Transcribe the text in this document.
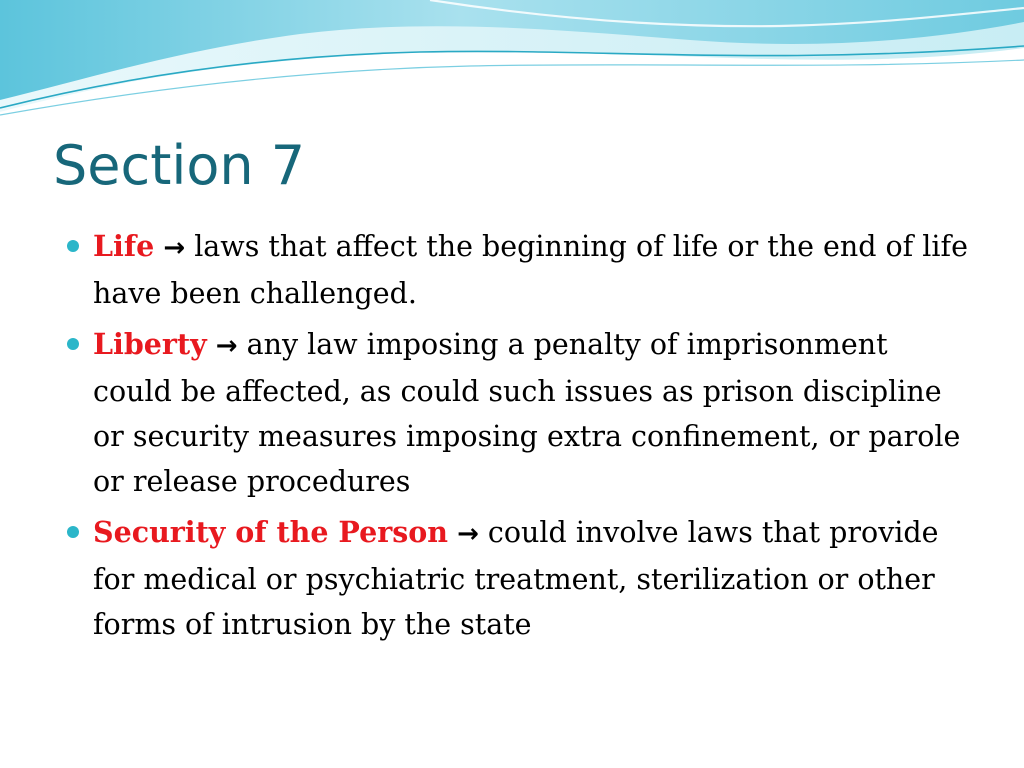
Section 7
Life → laws that affect the beginning of life or the end of life have been challenged.
Liberty → any law imposing a penalty of imprisonment could be affected, as could such issues as prison discipline or security measures imposing extra confinement, or parole or release procedures
Security of the Person → could involve laws that provide for medical or psychiatric treatment, sterilization or other forms of intrusion by the state
